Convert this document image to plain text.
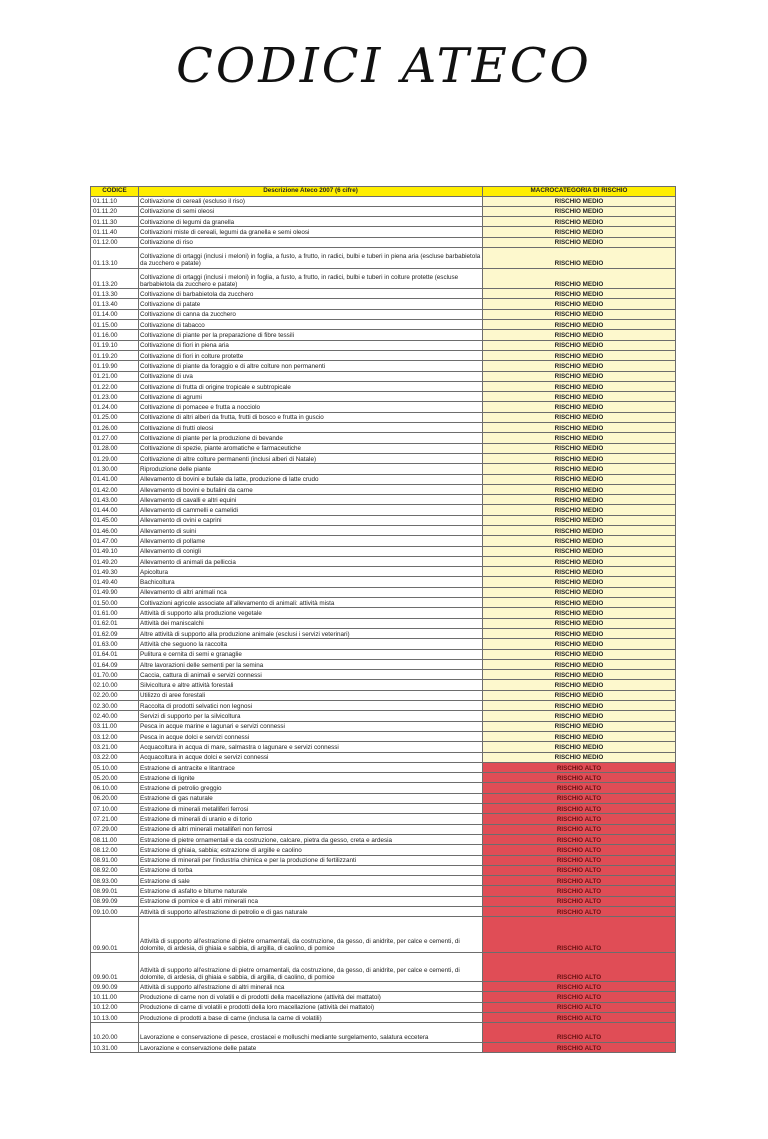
CODICI ATECO
CODICE	Descrizione Ateco 2007 (6 cifre)	MACROCATEGORIA DI RISCHIO
01.11.10	Coltivazione di cereali (escluso il riso)	RISCHIO MEDIO
01.11.20	Coltivazione di semi oleosi	RISCHIO MEDIO
01.11.30	Coltivazione di legumi da granella	RISCHIO MEDIO
01.11.40	Coltivazioni miste di cereali, legumi da granella e semi oleosi	RISCHIO MEDIO
01.12.00	Coltivazione di riso	RISCHIO MEDIO
01.13.10	Coltivazione di ortaggi (inclusi i meloni) in foglia, a fusto, a frutto, in radici, bulbi e tuberi in piena aria (escluse barbabietola da zucchero e patate)	RISCHIO MEDIO
01.13.20	Coltivazione di ortaggi (inclusi i meloni) in foglia, a fusto, a frutto, in radici, bulbi e tuberi in colture protette (escluse barbabietola da zucchero e patate)	RISCHIO MEDIO
01.13.30	Coltivazione di barbabietola da zucchero	RISCHIO MEDIO
01.13.40	Coltivazione di patate	RISCHIO MEDIO
01.14.00	Coltivazione di canna da zucchero	RISCHIO MEDIO
01.15.00	Coltivazione di tabacco	RISCHIO MEDIO
01.16.00	Coltivazione di piante per la preparazione di fibre tessili	RISCHIO MEDIO
01.19.10	Coltivazione di fiori in piena aria	RISCHIO MEDIO
01.19.20	Coltivazione di fiori in colture protette	RISCHIO MEDIO
01.19.90	Coltivazione di piante da foraggio e di altre colture non permanenti	RISCHIO MEDIO
01.21.00	Coltivazione di uva	RISCHIO MEDIO
01.22.00	Coltivazione di frutta di origine tropicale e subtropicale	RISCHIO MEDIO
01.23.00	Coltivazione di agrumi	RISCHIO MEDIO
01.24.00	Coltivazione di pomacee e frutta a nocciolo	RISCHIO MEDIO
01.25.00	Coltivazione di altri alberi da frutta, frutti di bosco e frutta in guscio	RISCHIO MEDIO
01.26.00	Coltivazione di frutti oleosi	RISCHIO MEDIO
01.27.00	Coltivazione di piante per la produzione di bevande	RISCHIO MEDIO
01.28.00	Coltivazione di spezie, piante aromatiche e farmaceutiche	RISCHIO MEDIO
01.29.00	Coltivazione di altre colture permanenti (inclusi alberi di Natale)	RISCHIO MEDIO
01.30.00	Riproduzione delle piante	RISCHIO MEDIO
01.41.00	Allevamento di bovini e bufale da latte, produzione di latte crudo	RISCHIO MEDIO
01.42.00	Allevamento di bovini e bufalini da carne	RISCHIO MEDIO
01.43.00	Allevamento di cavalli e altri equini	RISCHIO MEDIO
01.44.00	Allevamento di cammelli e camelidi	RISCHIO MEDIO
01.45.00	Allevamento di ovini e caprini	RISCHIO MEDIO
01.46.00	Allevamento di suini	RISCHIO MEDIO
01.47.00	Allevamento di pollame	RISCHIO MEDIO
01.49.10	Allevamento di conigli	RISCHIO MEDIO
01.49.20	Allevamento di animali da pelliccia	RISCHIO MEDIO
01.49.30	Apicoltura	RISCHIO MEDIO
01.49.40	Bachicoltura	RISCHIO MEDIO
01.49.90	Allevamento di altri animali nca	RISCHIO MEDIO
01.50.00	Coltivazioni agricole associate all'allevamento di animali: attività mista	RISCHIO MEDIO
01.61.00	Attività di supporto alla produzione vegetale	RISCHIO MEDIO
01.62.01	Attività dei maniscalchi	RISCHIO MEDIO
01.62.09	Altre attività di supporto alla produzione animale (esclusi i servizi veterinari)	RISCHIO MEDIO
01.63.00	Attività che seguono la raccolta	RISCHIO MEDIO
01.64.01	Pulitura e cernita di semi e granaglie	RISCHIO MEDIO
01.64.09	Altre lavorazioni delle sementi per la semina	RISCHIO MEDIO
01.70.00	Caccia, cattura di animali e servizi connessi	RISCHIO MEDIO
02.10.00	Silvicoltura e altre attività forestali	RISCHIO MEDIO
02.20.00	Utilizzo di aree forestali	RISCHIO MEDIO
02.30.00	Raccolta di prodotti selvatici non legnosi	RISCHIO MEDIO
02.40.00	Servizi di supporto per la silvicoltura	RISCHIO MEDIO
03.11.00	Pesca in acque marine e lagunari e servizi connessi	RISCHIO MEDIO
03.12.00	Pesca in acque dolci e servizi connessi	RISCHIO MEDIO
03.21.00	Acquacoltura in acqua di mare, salmastra o lagunare e servizi connessi	RISCHIO MEDIO
03.22.00	Acquacoltura in acque dolci e servizi connessi	RISCHIO MEDIO
05.10.00	Estrazione di antracite e litantrace	RISCHIO ALTO
05.20.00	Estrazione di lignite	RISCHIO ALTO
06.10.00	Estrazione di petrolio greggio	RISCHIO ALTO
06.20.00	Estrazione di gas naturale	RISCHIO ALTO
07.10.00	Estrazione di minerali metalliferi ferrosi	RISCHIO ALTO
07.21.00	Estrazione di minerali di uranio e di torio	RISCHIO ALTO
07.29.00	Estrazione di altri minerali metalliferi non ferrosi	RISCHIO ALTO
08.11.00	Estrazione di pietre ornamentali e da costruzione, calcare, pietra da gesso, creta e ardesia	RISCHIO ALTO
08.12.00	Estrazione di ghiaia, sabbia; estrazione di argille e caolino	RISCHIO ALTO
08.91.00	Estrazione di minerali per l'industria chimica e per la produzione di fertilizzanti	RISCHIO ALTO
08.92.00	Estrazione di torba	RISCHIO ALTO
08.93.00	Estrazione di sale	RISCHIO ALTO
08.99.01	Estrazione di asfalto e bitume naturale	RISCHIO ALTO
08.99.09	Estrazione di pomice e di altri minerali nca	RISCHIO ALTO
09.10.00	Attività di supporto all'estrazione di petrolio e di gas naturale	RISCHIO ALTO
09.90.01	Attività di supporto all'estrazione di pietre ornamentali, da costruzione, da gesso, di anidrite, per calce e cementi, di dolomite, di ardesia, di ghiaia e sabbia, di argilla, di caolino, di pomice	RISCHIO ALTO
09.90.01	Attività di supporto all'estrazione di pietre ornamentali, da costruzione, da gesso, di anidrite, per calce e cementi, di dolomite, di ardesia, di ghiaia e sabbia, di argilla, di caolino, di pomice	RISCHIO ALTO
09.90.09	Attività di supporto all'estrazione di altri minerali nca	RISCHIO ALTO
10.11.00	Produzione di carne non di volatili e di prodotti della macellazione (attività dei mattatoi)	RISCHIO ALTO
10.12.00	Produzione di carne di volatili e prodotti della loro macellazione (attività dei mattatoi)	RISCHIO ALTO
10.13.00	Produzione di prodotti a base di carne (inclusa la carne di volatili)	RISCHIO ALTO
10.20.00	Lavorazione e conservazione di pesce, crostacei e molluschi mediante surgelamento, salatura eccetera	RISCHIO ALTO
10.31.00	Lavorazione e conservazione delle patate	RISCHIO ALTO
